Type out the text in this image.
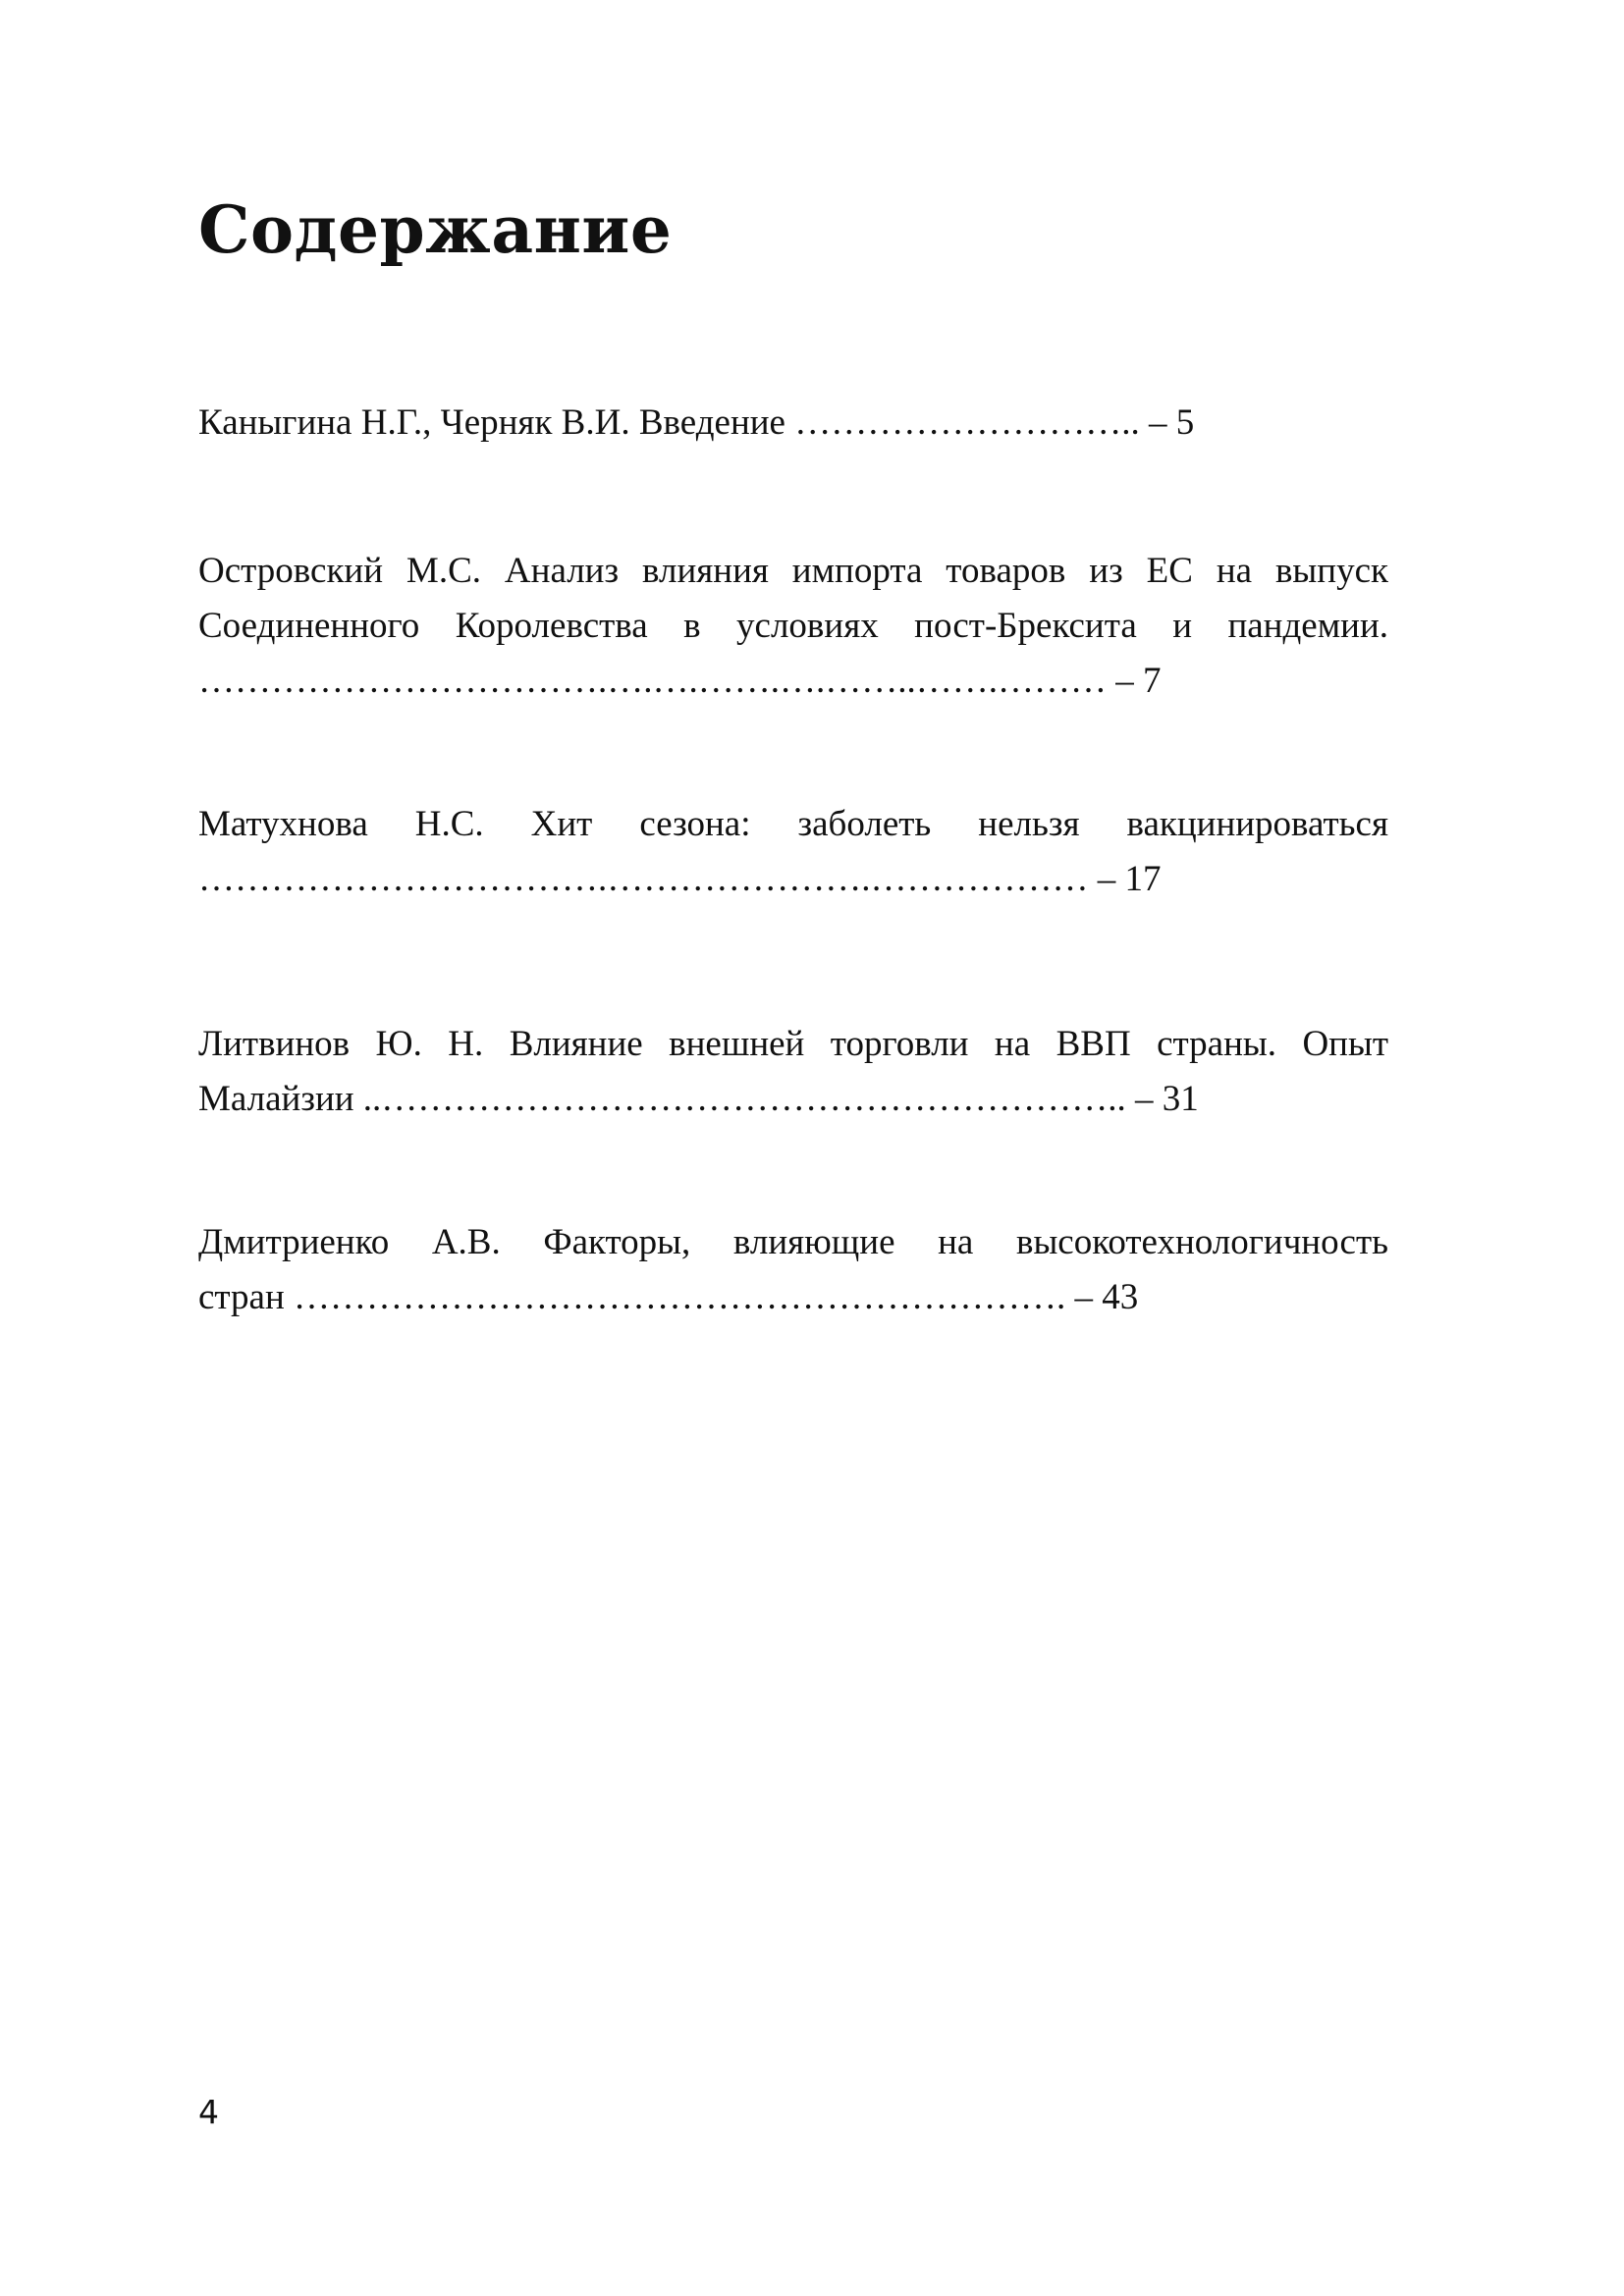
Содержание
Каныгина Н.Г., Черняк В.И. Введение ……………………….. – 5
Островский М.С. Анализ влияния импорта товаров из ЕС на выпуск
Соединенного Королевства в условиях пост-Брексита и пандемии.
…………………………….….….…….….……..…….……… – 7
Матухнова Н.С. Хит сезона: заболеть нельзя вакцинироваться
…………………………….………………….……………… – 17
Литвинов Ю. Н. Влияние внешней торговли на ВВП страны. Опыт
Малайзии ..…………………………………………………….. – 31
Дмитриенко А.В. Факторы, влияющие на высокотехнологичность
стран ………………………………………………………. – 43
4
